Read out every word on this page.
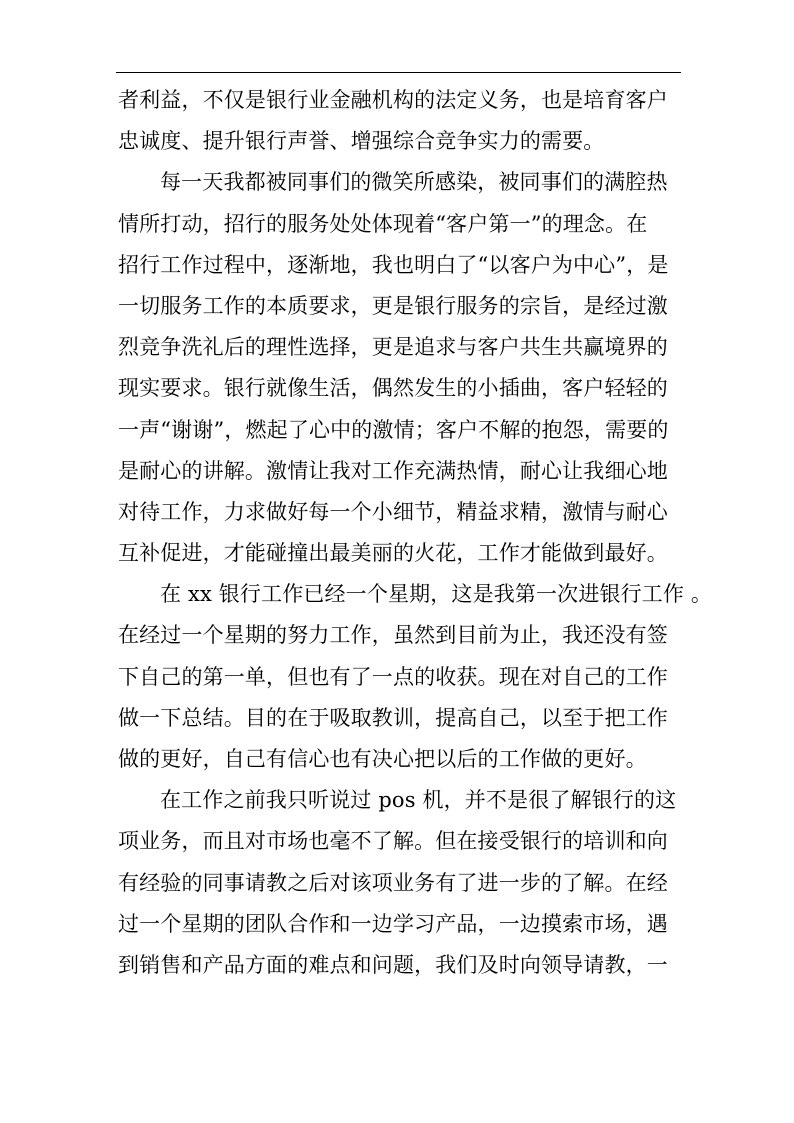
者利益，不仅是银行业金融机构的法定义务，也是培育客户
忠诚度、提升银行声誉、增强综合竞争实力的需要。
每一天我都被同事们的微笑所感染，被同事们的满腔热
情所打动，招行的服务处处体现着“客户第一”的理念。在
招行工作过程中，逐渐地，我也明白了“以客户为中心”，是
一切服务工作的本质要求，更是银行服务的宗旨，是经过激
烈竞争洗礼后的理性选择，更是追求与客户共生共赢境界的
现实要求。银行就像生活，偶然发生的小插曲，客户轻轻的
一声“谢谢”，燃起了心中的激情；客户不解的抱怨，需要的
是耐心的讲解。激情让我对工作充满热情，耐心让我细心地
对待工作，力求做好每一个小细节，精益求精，激情与耐心
互补促进，才能碰撞出最美丽的火花，工作才能做到最好。
在 xx 银行工作已经一个星期，这是我第一次进银行工作 。
在经过一个星期的努力工作，虽然到目前为止，我还没有签
下自己的第一单，但也有了一点的收获。现在对自己的工作
做一下总结。目的在于吸取教训，提高自己，以至于把工作
做的更好，自己有信心也有决心把以后的工作做的更好。
在工作之前我只听说过 pos 机，并不是很了解银行的这
项业务，而且对市场也毫不了解。但在接受银行的培训和向
有经验的同事请教之后对该项业务有了进一步的了解。在经
过一个星期的团队合作和一边学习产品，一边摸索市场，遇
到销售和产品方面的难点和问题，我们及时向领导请教，一
